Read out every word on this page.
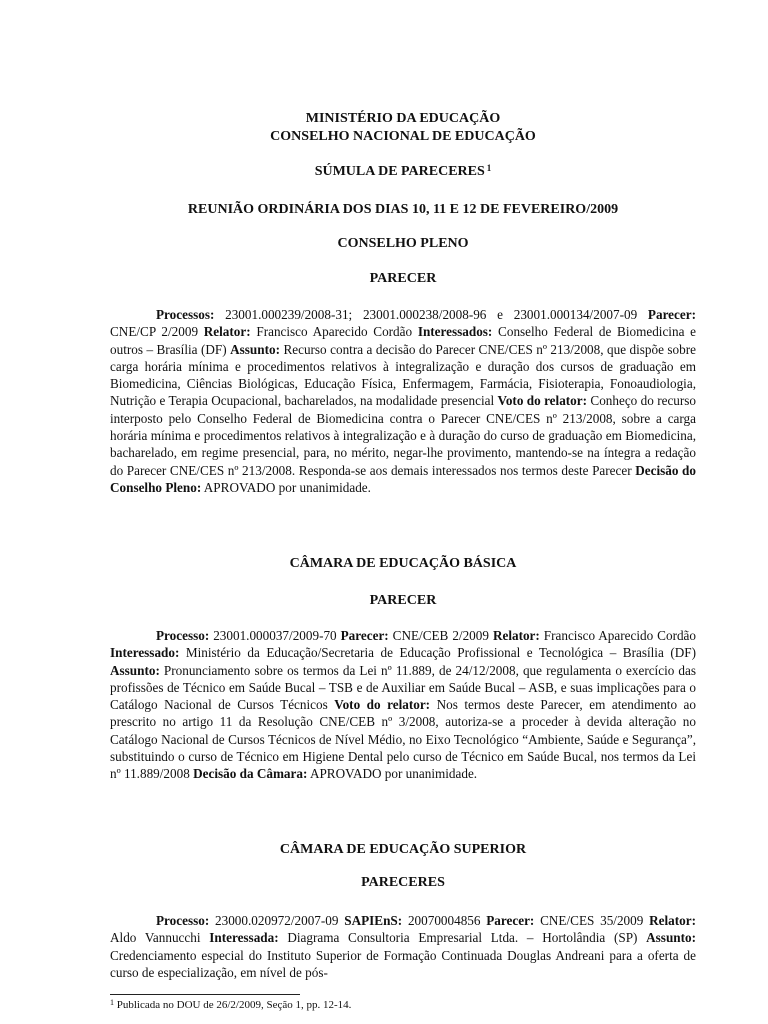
MINISTÉRIO DA EDUCAÇÃO
CONSELHO NACIONAL DE EDUCAÇÃO
SÚMULA DE PARECERES $^1$
REUNIÃO ORDINÁRIA DOS DIAS 10, 11 E 12 DE FEVEREIRO/2009
CONSELHO PLENO
PARECER
Processos: 23001.000239/2008-31; 23001.000238/2008-96 e 23001.000134/2007-09 Parecer: CNE/CP 2/2009 Relator: Francisco Aparecido Cordão Interessados: Conselho Federal de Biomedicina e outros – Brasília (DF) Assunto: Recurso contra a decisão do Parecer CNE/CES nº 213/2008, que dispõe sobre carga horária mínima e procedimentos relativos à integralização e duração dos cursos de graduação em Biomedicina, Ciências Biológicas, Educação Física, Enfermagem, Farmácia, Fisioterapia, Fonoaudiologia, Nutrição e Terapia Ocupacional, bacharelados, na modalidade presencial Voto do relator: Conheço do recurso interposto pelo Conselho Federal de Biomedicina contra o Parecer CNE/CES nº 213/2008, sobre a carga horária mínima e procedimentos relativos à integralização e à duração do curso de graduação em Biomedicina, bacharelado, em regime presencial, para, no mérito, negar-lhe provimento, mantendo-se na íntegra a redação do Parecer CNE/CES nº 213/2008. Responda-se aos demais interessados nos termos deste Parecer Decisão do Conselho Pleno: APROVADO por unanimidade.
CÂMARA DE EDUCAÇÃO BÁSICA
PARECER
Processo: 23001.000037/2009-70 Parecer: CNE/CEB 2/2009 Relator: Francisco Aparecido Cordão Interessado: Ministério da Educação/Secretaria de Educação Profissional e Tecnológica – Brasília (DF) Assunto: Pronunciamento sobre os termos da Lei nº 11.889, de 24/12/2008, que regulamenta o exercício das profissões de Técnico em Saúde Bucal – TSB e de Auxiliar em Saúde Bucal – ASB, e suas implicações para o Catálogo Nacional de Cursos Técnicos Voto do relator: Nos termos deste Parecer, em atendimento ao prescrito no artigo 11 da Resolução CNE/CEB nº 3/2008, autoriza-se a proceder à devida alteração no Catálogo Nacional de Cursos Técnicos de Nível Médio, no Eixo Tecnológico “Ambiente, Saúde e Segurança”, substituindo o curso de Técnico em Higiene Dental pelo curso de Técnico em Saúde Bucal, nos termos da Lei nº 11.889/2008 Decisão da Câmara: APROVADO por unanimidade.
CÂMARA DE EDUCAÇÃO SUPERIOR
PARECERES
Processo: 23000.020972/2007-09 SAPIEnS: 20070004856 Parecer: CNE/CES 35/2009 Relator: Aldo Vannucchi Interessada: Diagrama Consultoria Empresarial Ltda. – Hortolândia (SP) Assunto: Credenciamento especial do Instituto Superior de Formação Continuada Douglas Andreani para a oferta de curso de especialização, em nível de pós-
$^1$ Publicada no DOU de 26/2/2009, Seção 1, pp. 12-14.
